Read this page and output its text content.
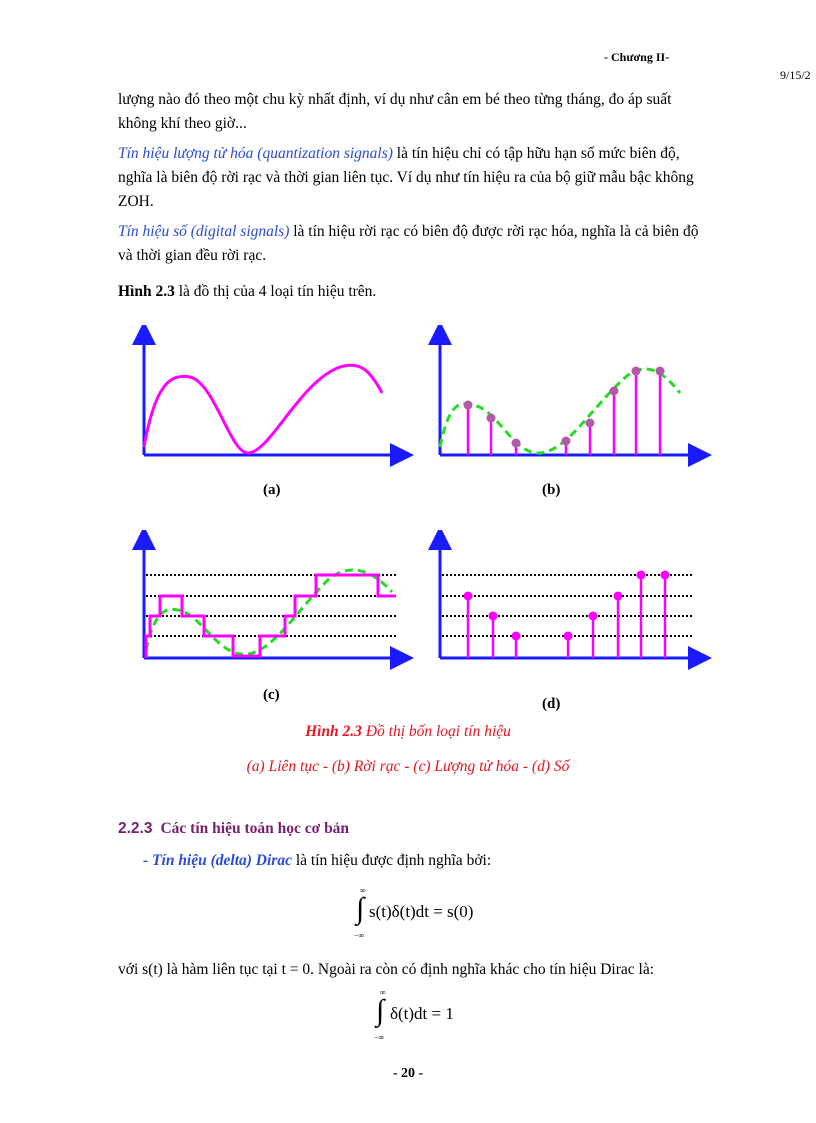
- Chương II-
9/15/2
lượng nào đó theo một chu kỳ nhất định, ví dụ như cân em bé theo từng tháng, đo áp suất
không khí theo giờ...
Tín hiệu lượng tử hóa (quantization signals) là tín hiệu chỉ có tập hữu hạn số mức biên độ,
nghĩa là biên độ rời rạc và thời gian liên tục. Ví dụ như tín hiệu ra của bộ giữ mẫu bậc không
ZOH.
Tín hiệu số (digital signals) là tín hiệu rời rạc có biên độ được rời rạc hóa, nghĩa là cả biên độ
và thời gian đều rời rạc.
Hình 2.3 là đồ thị của 4 loại tín hiệu trên.
(a)	(b)
(c)
(d)
Hình 2.3 Đồ thị bốn loại tín hiệu
(a) Liên tục - (b) Rời rạc - (c) Lượng tử hóa - (d) Số
2.2.3 Các tín hiệu toán học cơ bản
- Tín hiệu (delta) Dirac là tín hiệu được định nghĩa bởi:
∞
∫ s(t)δ(t)dt = s(0)
−∞
với s(t) là hàm liên tục tại t = 0. Ngoài ra còn có định nghĩa khác cho tín hiệu Dirac là:
∞
∫ δ(t)dt = 1
−∞
- 20 -
